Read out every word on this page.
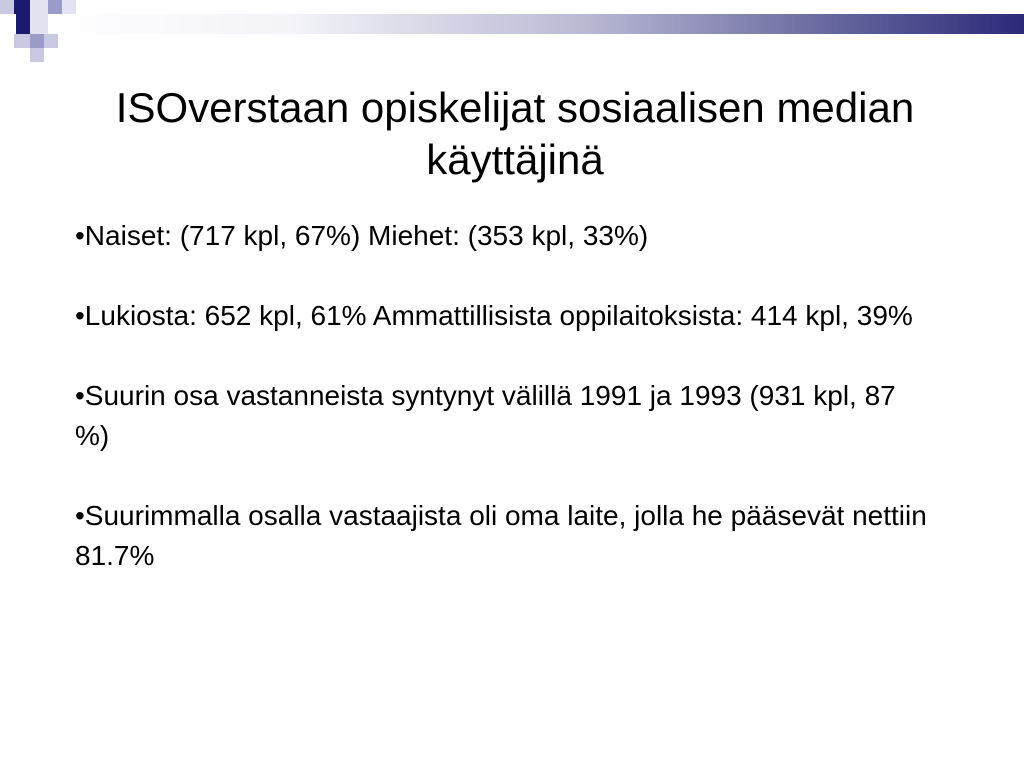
ISOverstaan opiskelijat sosiaalisen median käyttäjinä

•Naiset: (717 kpl, 67%) Miehet: (353 kpl, 33%)

•Lukiosta: 652 kpl, 61% Ammattillisista oppilaitoksista: 414 kpl, 39%

•Suurin osa vastanneista syntynyt välillä 1991 ja 1993 (931 kpl, 87 %)

•Suurimmalla osalla vastaajista oli oma laite, jolla he pääsevät nettiin 81.7%
